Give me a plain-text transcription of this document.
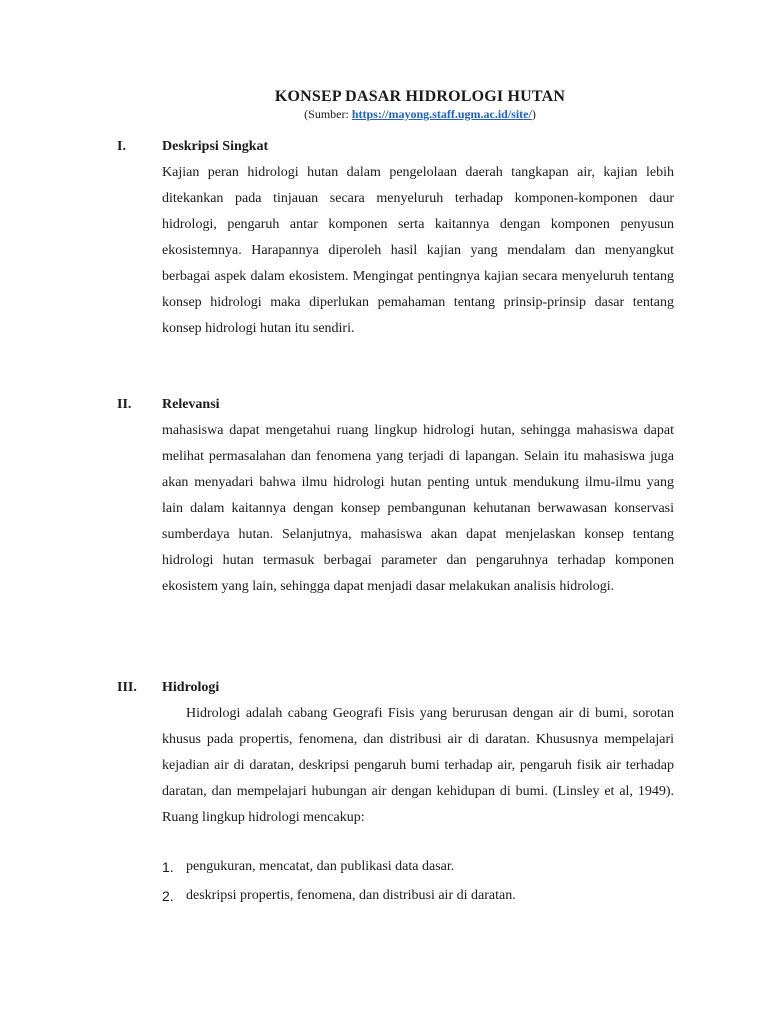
KONSEP DASAR HIDROLOGI HUTAN
(Sumber: https://mayong.staff.ugm.ac.id/site/)
I.	Deskripsi Singkat
Kajian peran hidrologi hutan dalam pengelolaan daerah tangkapan air, kajian lebih ditekankan pada tinjauan secara menyeluruh terhadap komponen-komponen daur hidrologi, pengaruh antar komponen serta kaitannya dengan komponen penyusun ekosistemnya. Harapannya diperoleh hasil kajian yang mendalam dan menyangkut berbagai aspek dalam ekosistem. Mengingat pentingnya kajian secara menyeluruh tentang konsep hidrologi maka diperlukan pemahaman tentang prinsip-prinsip dasar tentang konsep hidrologi hutan itu sendiri.
II. Relevansi
mahasiswa dapat mengetahui ruang lingkup hidrologi hutan, sehingga mahasiswa dapat melihat permasalahan dan fenomena yang terjadi di lapangan. Selain itu mahasiswa juga akan menyadari bahwa ilmu hidrologi hutan penting untuk mendukung ilmu-ilmu yang lain dalam kaitannya dengan konsep pembangunan kehutanan berwawasan konservasi sumberdaya hutan. Selanjutnya, mahasiswa akan dapat menjelaskan konsep tentang hidrologi hutan termasuk berbagai parameter dan pengaruhnya terhadap komponen ekosistem yang lain, sehingga dapat menjadi dasar melakukan analisis hidrologi.
III. Hidrologi
Hidrologi adalah cabang Geografi Fisis yang berurusan dengan air di bumi, sorotan khusus pada propertis, fenomena, dan distribusi air di daratan. Khususnya mempelajari kejadian air di daratan, deskripsi pengaruh bumi terhadap air, pengaruh fisik air terhadap daratan, dan mempelajari hubungan air dengan kehidupan di bumi. (Linsley et al, 1949). Ruang lingkup hidrologi mencakup:
1. pengukuran, mencatat, dan publikasi data dasar.
2. deskripsi propertis, fenomena, dan distribusi air di daratan.
